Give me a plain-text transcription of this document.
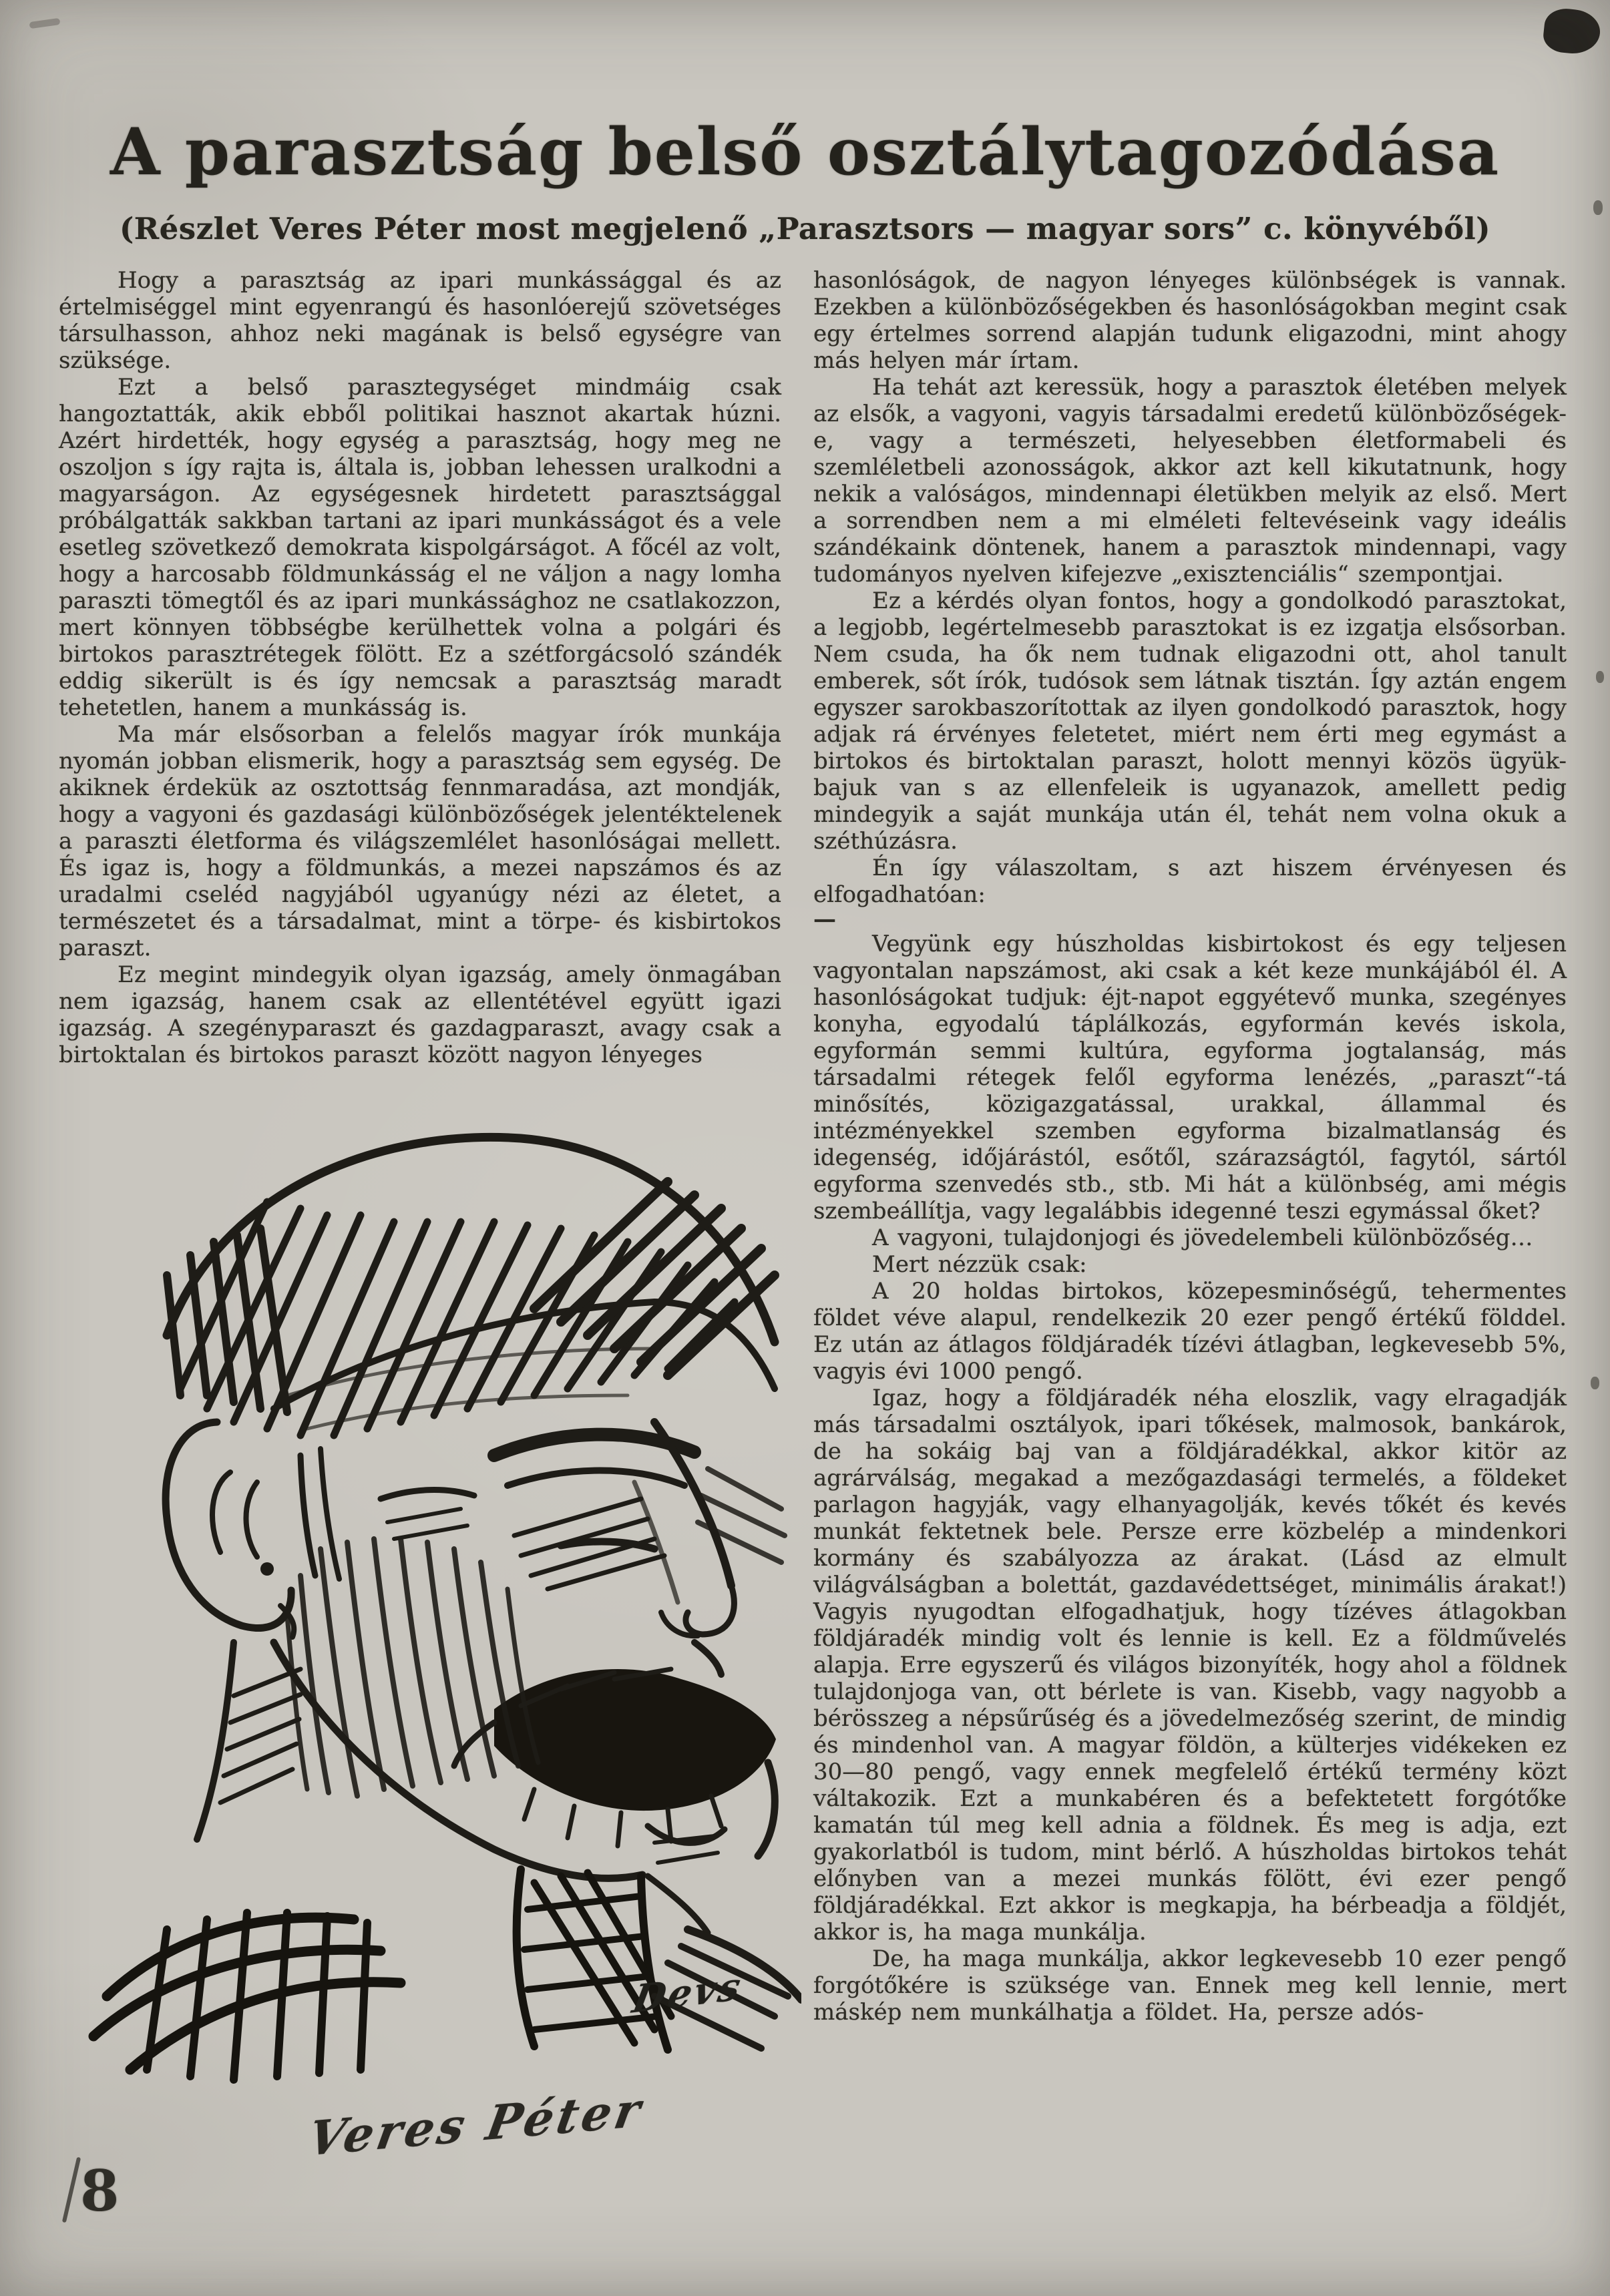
A parasztság belső osztálytagozódása
(Részlet Veres Péter most megjelenő „Parasztsors — magyar sors” c. könyvéből)

Hogy a parasztság az ipari munkássággal és az értelmiséggel mint egyenrangú és hasonlóerejű szövetséges társulhasson, ahhoz neki magának is belső egységre van szüksége.

Ezt a belső parasztegységet mindmáig csak hangoztatták, akik ebből politikai hasznot akartak húzni. Azért hirdették, hogy egység a parasztság, hogy meg ne oszoljon s így rajta is, általa is, jobban lehessen uralkodni a magyarságon. Az egységesnek hirdetett parasztsággal próbálgatták sakkban tartani az ipari munkásságot és a vele esetleg szövetkező demokrata kispolgárságot. A főcél az volt, hogy a harcosabb földmunkásság el ne váljon a nagy lomha paraszti tömegtől és az ipari munkássághoz ne csatlakozzon, mert könnyen többségbe kerülhettek volna a polgári és birtokos parasztrétegek fölött. Ez a szétforgácsoló szándék eddig sikerült is és így nemcsak a parasztság maradt tehetetlen, hanem a munkásság is.

Ma már elsősorban a felelős magyar írók munkája nyomán jobban elismerik, hogy a parasztság sem egység. De akiknek érdekük az osztottság fennmaradása, azt mondják, hogy a vagyoni és gazdasági különbözőségek jelentéktelenek a paraszti életforma és világszemlélet hasonlóságai mellett. És igaz is, hogy a földmunkás, a mezei napszámos és az uradalmi cseléd nagyjából ugyanúgy nézi az életet, a természetet és a társadalmat, mint a törpe- és kisbirtokos paraszt.

Ez megint mindegyik olyan igazság, amely önmagában nem igazság, hanem csak az ellentétével együtt igazi igazság. A szegényparaszt és gazdagparaszt, avagy csak a birtoktalan és birtokos paraszt között nagyon lényeges

hasonlóságok, de nagyon lényeges különbségek is vannak. Ezekben a különbözőségekben és hasonlóságokban megint csak egy értelmes sorrend alapján tudunk eligazodni, mint ahogy más helyen már írtam.

Ha tehát azt keressük, hogy a parasztok életében melyek az elsők, a vagyoni, vagyis társadalmi eredetű különbözőségek-e, vagy a természeti, helyesebben életformabeli és szemléletbeli azonosságok, akkor azt kell kikutatnunk, hogy nekik a valóságos, mindennapi életükben melyik az első. Mert a sorrendben nem a mi elméleti feltevéseink vagy ideális szándékaink döntenek, hanem a parasztok mindennapi, vagy tudományos nyelven kifejezve „exisztenciális“ szempontjai.

Ez a kérdés olyan fontos, hogy a gondolkodó parasztokat, a legjobb, legértelmesebb parasztokat is ez izgatja elsősorban. Nem csuda, ha ők nem tudnak eligazodni ott, ahol tanult emberek, sőt írók, tudósok sem látnak tisztán. Így aztán engem egyszer sarokbaszorítottak az ilyen gondolkodó parasztok, hogy adjak rá érvényes feletetet, miért nem érti meg egymást a birtokos és birtoktalan paraszt, holott mennyi közös ügyük-bajuk van s az ellenfeleik is ugyanazok, amellett pedig mindegyik a saját munkája után él, tehát nem volna okuk a széthúzásra.

Én így válaszoltam, s azt hiszem érvényesen és elfogadhatóan:

—

Vegyünk egy húszholdas kisbirtokost és egy teljesen vagyontalan napszámost, aki csak a két keze munkájából él. A hasonlóságokat tudjuk: éjt-napot eggyétevő munka, szegényes konyha, egyodalú táplálkozás, egyformán kevés iskola, egyformán semmi kultúra, egyforma jogtalanság, más társadalmi rétegek felől egyforma lenézés, „paraszt“-tá minősítés, közigazgatással, urakkal, állammal és intézményekkel szemben egyforma bizalmatlanság és idegenség, időjárástól, esőtől, szárazságtól, fagytól, sártól egyforma szenvedés stb., stb. Mi hát a különbség, ami mégis szembeállítja, vagy legalábbis idegenné teszi egymással őket?

A vagyoni, tulajdonjogi és jövedelembeli különbözőség…

Mert nézzük csak:

A 20 holdas birtokos, közepesminőségű, tehermentes földet véve alapul, rendelkezik 20 ezer pengő értékű földdel. Ez után az átlagos földjáradék tízévi átlagban, legkevesebb 5%, vagyis évi 1000 pengő.

Igaz, hogy a földjáradék néha eloszlik, vagy elragadják más társadalmi osztályok, ipari tőkések, malmosok, bankárok, de ha sokáig baj van a földjáradékkal, akkor kitör az agrárválság, megakad a mezőgazdasági termelés, a földeket parlagon hagyják, vagy elhanyagolják, kevés tőkét és kevés munkát fektetnek bele. Persze erre közbelép a mindenkori kormány és szabályozza az árakat. (Lásd az elmult világválságban a bolettát, gazdavédettséget, minimális árakat!) Vagyis nyugodtan elfogadhatjuk, hogy tízéves átlagokban földjáradék mindig volt és lennie is kell. Ez a földművelés alapja. Erre egyszerű és világos bizonyíték, hogy ahol a földnek tulajdonjoga van, ott bérlete is van. Kisebb, vagy nagyobb a bérösszeg a népsűrűség és a jövedelmezőség szerint, de mindig és mindenhol van. A magyar földön, a külterjes vidékeken ez 30—80 pengő, vagy ennek megfelelő értékű termény közt váltakozik. Ezt a munkabéren és a befektetett forgótőke kamatán túl meg kell adnia a földnek. És meg is adja, ezt gyakorlatból is tudom, mint bérlő. A húszholdas birtokos tehát előnyben van a mezei munkás fölött, évi ezer pengő földjáradékkal. Ezt akkor is megkapja, ha bérbeadja a földjét, akkor is, ha maga munkálja.

De, ha maga munkálja, akkor legkevesebb 10 ezer pengő forgótőkére is szüksége van. Ennek meg kell lennie, mert máskép nem munkálhatja a földet. Ha, persze adós-

Devs
Veres Péter
8
